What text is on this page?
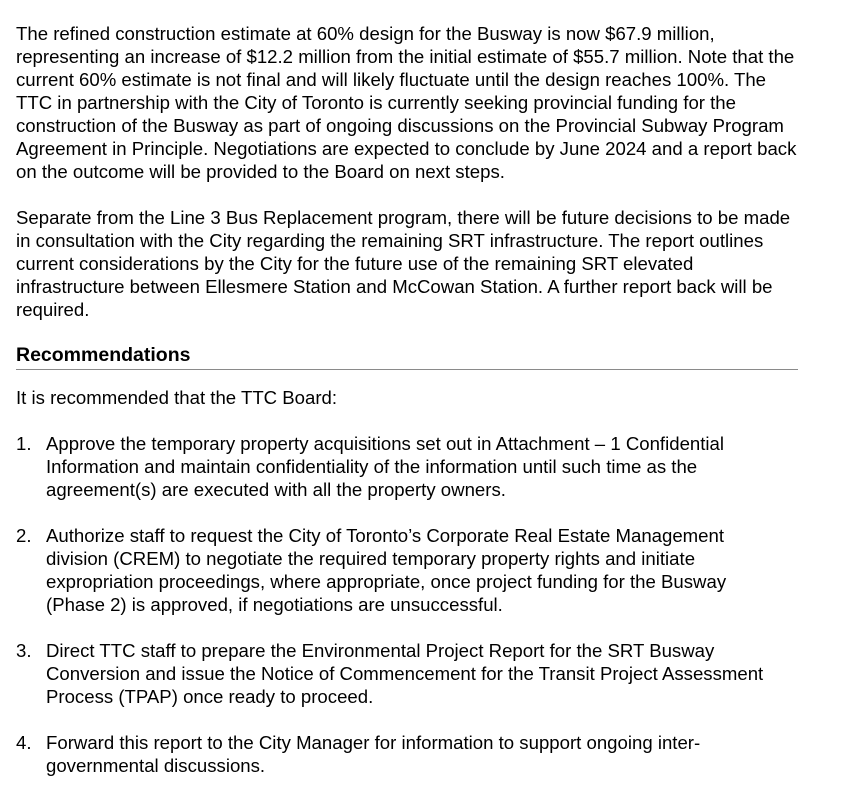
The refined construction estimate at 60% design for the Busway is now $67.9 million, representing an increase of $12.2 million from the initial estimate of $55.7 million. Note that the current 60% estimate is not final and will likely fluctuate until the design reaches 100%. The TTC in partnership with the City of Toronto is currently seeking provincial funding for the construction of the Busway as part of ongoing discussions on the Provincial Subway Program Agreement in Principle. Negotiations are expected to conclude by June 2024 and a report back on the outcome will be provided to the Board on next steps.

Separate from the Line 3 Bus Replacement program, there will be future decisions to be made in consultation with the City regarding the remaining SRT infrastructure. The report outlines current considerations by the City for the future use of the remaining SRT elevated infrastructure between Ellesmere Station and McCowan Station. A further report back will be required.

Recommendations

It is recommended that the TTC Board:

1. Approve the temporary property acquisitions set out in Attachment – 1 Confidential Information and maintain confidentiality of the information until such time as the agreement(s) are executed with all the property owners.
2. Authorize staff to request the City of Toronto’s Corporate Real Estate Management division (CREM) to negotiate the required temporary property rights and initiate expropriation proceedings, where appropriate, once project funding for the Busway (Phase 2) is approved, if negotiations are unsuccessful.
3. Direct TTC staff to prepare the Environmental Project Report for the SRT Busway Conversion and issue the Notice of Commencement for the Transit Project Assessment Process (TPAP) once ready to proceed.
4. Forward this report to the City Manager for information to support ongoing inter-governmental discussions.
